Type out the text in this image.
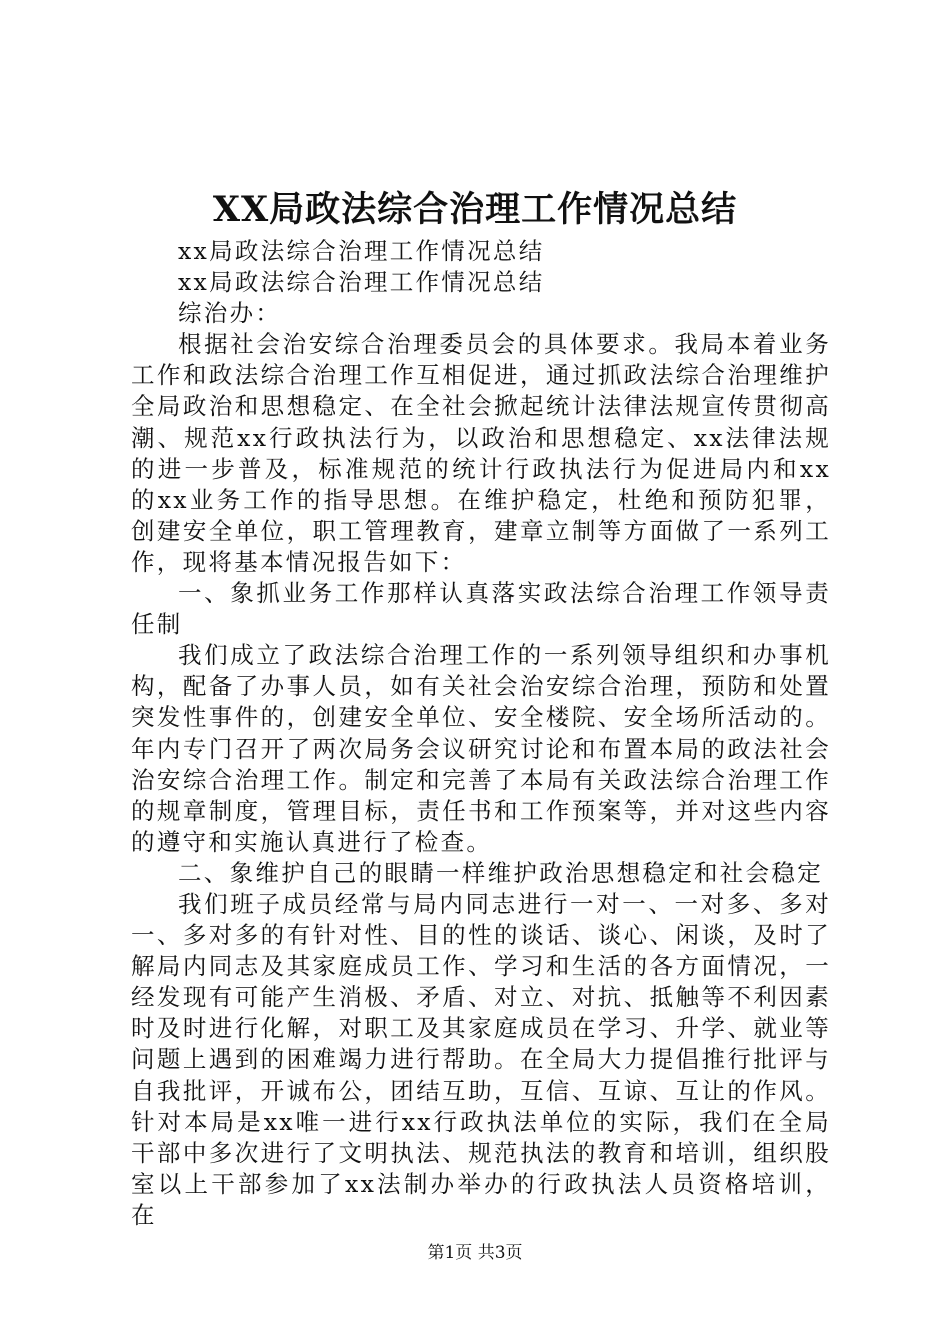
XX局政法综合治理工作情况总结

xx局政法综合治理工作情况总结

xx局政法综合治理工作情况总结

综治办：

根据社会治安综合治理委员会的具体要求。我局本着业务工作和政法综合治理工作互相促进，通过抓政法综合治理维护全局政治和思想稳定、在全社会掀起统计法律法规宣传贯彻高潮、规范xx行政执法行为，以政治和思想稳定、xx法律法规的进一步普及，标准规范的统计行政执法行为促进局内和xx的xx业务工作的指导思想。在维护稳定，杜绝和预防犯罪，创建安全单位，职工管理教育，建章立制等方面做了一系列工作，现将基本情况报告如下：

一、象抓业务工作那样认真落实政法综合治理工作领导责任制

我们成立了政法综合治理工作的一系列领导组织和办事机构，配备了办事人员，如有关社会治安综合治理，预防和处置突发性事件的，创建安全单位、安全楼院、安全场所活动的。年内专门召开了两次局务会议研究讨论和布置本局的政法社会治安综合治理工作。制定和完善了本局有关政法综合治理工作的规章制度，管理目标，责任书和工作预案等，并对这些内容的遵守和实施认真进行了检查。

二、象维护自己的眼睛一样维护政治思想稳定和社会稳定

我们班子成员经常与局内同志进行一对一、一对多、多对一、多对多的有针对性、目的性的谈话、谈心、闲谈，及时了解局内同志及其家庭成员工作、学习和生活的各方面情况，一经发现有可能产生消极、矛盾、对立、对抗、抵触等不利因素时及时进行化解，对职工及其家庭成员在学习、升学、就业等问题上遇到的困难竭力进行帮助。在全局大力提倡推行批评与自我批评，开诚布公，团结互助，互信、互谅、互让的作风。针对本局是xx唯一进行xx行政执法单位的实际，我们在全局干部中多次进行了文明执法、规范执法的教育和培训，组织股室以上干部参加了xx法制办举办的行政执法人员资格培训，在

第1页 共3页
